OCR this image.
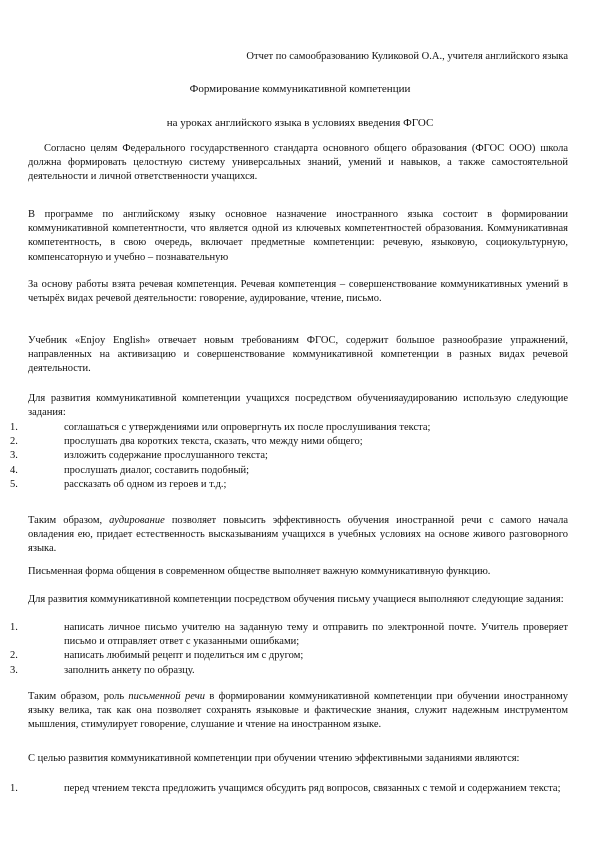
Отчет по самообразованию Куликовой О.А., учителя английского языка
Формирование коммуникативной компетенции
на уроках английского языка в условиях введения ФГОС
Согласно целям Федерального государственного стандарта основного общего образования (ФГОС ООО) школа должна формировать целостную систему универсальных знаний, умений и навыков, а также самостоятельной деятельности и личной ответственности учащихся.
В программе по английскому языку основное назначение иностранного языка состоит в формировании коммуникативной компетентности, что является одной из ключевых компетентностей образования. Коммуникативная компетентность, в свою очередь, включает предметные компетенции: речевую, языковую, социокультурную, компенсаторную и учебно – познавательную
За основу работы взята речевая компетенция. Речевая компетенция – совершенствование коммуникативных умений в четырёх видах речевой деятельности: говорение, аудирование, чтение, письмо.
Учебник «Enjoy English» отвечает новым требованиям ФГОС, содержит большое разнообразие упражнений, направленных на активизацию и совершенствование коммуникативной компетенции в разных видах речевой деятельности.
Для развития коммуникативной компетенции учащихся посредством обученияаудированию использую следующие задания:
1.	соглашаться с утверждениями или опровергнуть их после прослушивания текста;
2.	прослушать два коротких текста, сказать, что между ними общего;
3.	изложить содержание прослушанного текста;
4.	прослушать диалог, составить подобный;
5.	рассказать об одном из героев и т.д.;
Таким образом, аудирование позволяет повысить эффективность обучения иностранной речи с самого начала овладения ею, придает естественность высказываниям учащихся в учебных условиях на основе живого разговорного языка.
Письменная форма общения в современном обществе выполняет важную коммуникативную функцию.
Для развития коммуникативной компетенции посредством обучения письму учащиеся выполняют следующие задания:
1.	написать личное письмо учителю на заданную тему и отправить по электронной почте. Учитель проверяет письмо и отправляет ответ с указанными ошибками;
2.	написать любимый рецепт и поделиться им с другом;
3.	заполнить анкету по образцу.
Таким образом, роль письменной речи в формировании коммуникативной компетенции при обучении иностранному языку велика, так как она позволяет сохранять языковые и фактические знания, служит надежным инструментом мышления, стимулирует говорение, слушание и чтение на иностранном языке.
С целью развития коммуникативной компетенции при обучении чтению эффективными заданиями являются:
1.	перед чтением текста предложить учащимся обсудить ряд вопросов, связанных с темой и содержанием текста;
